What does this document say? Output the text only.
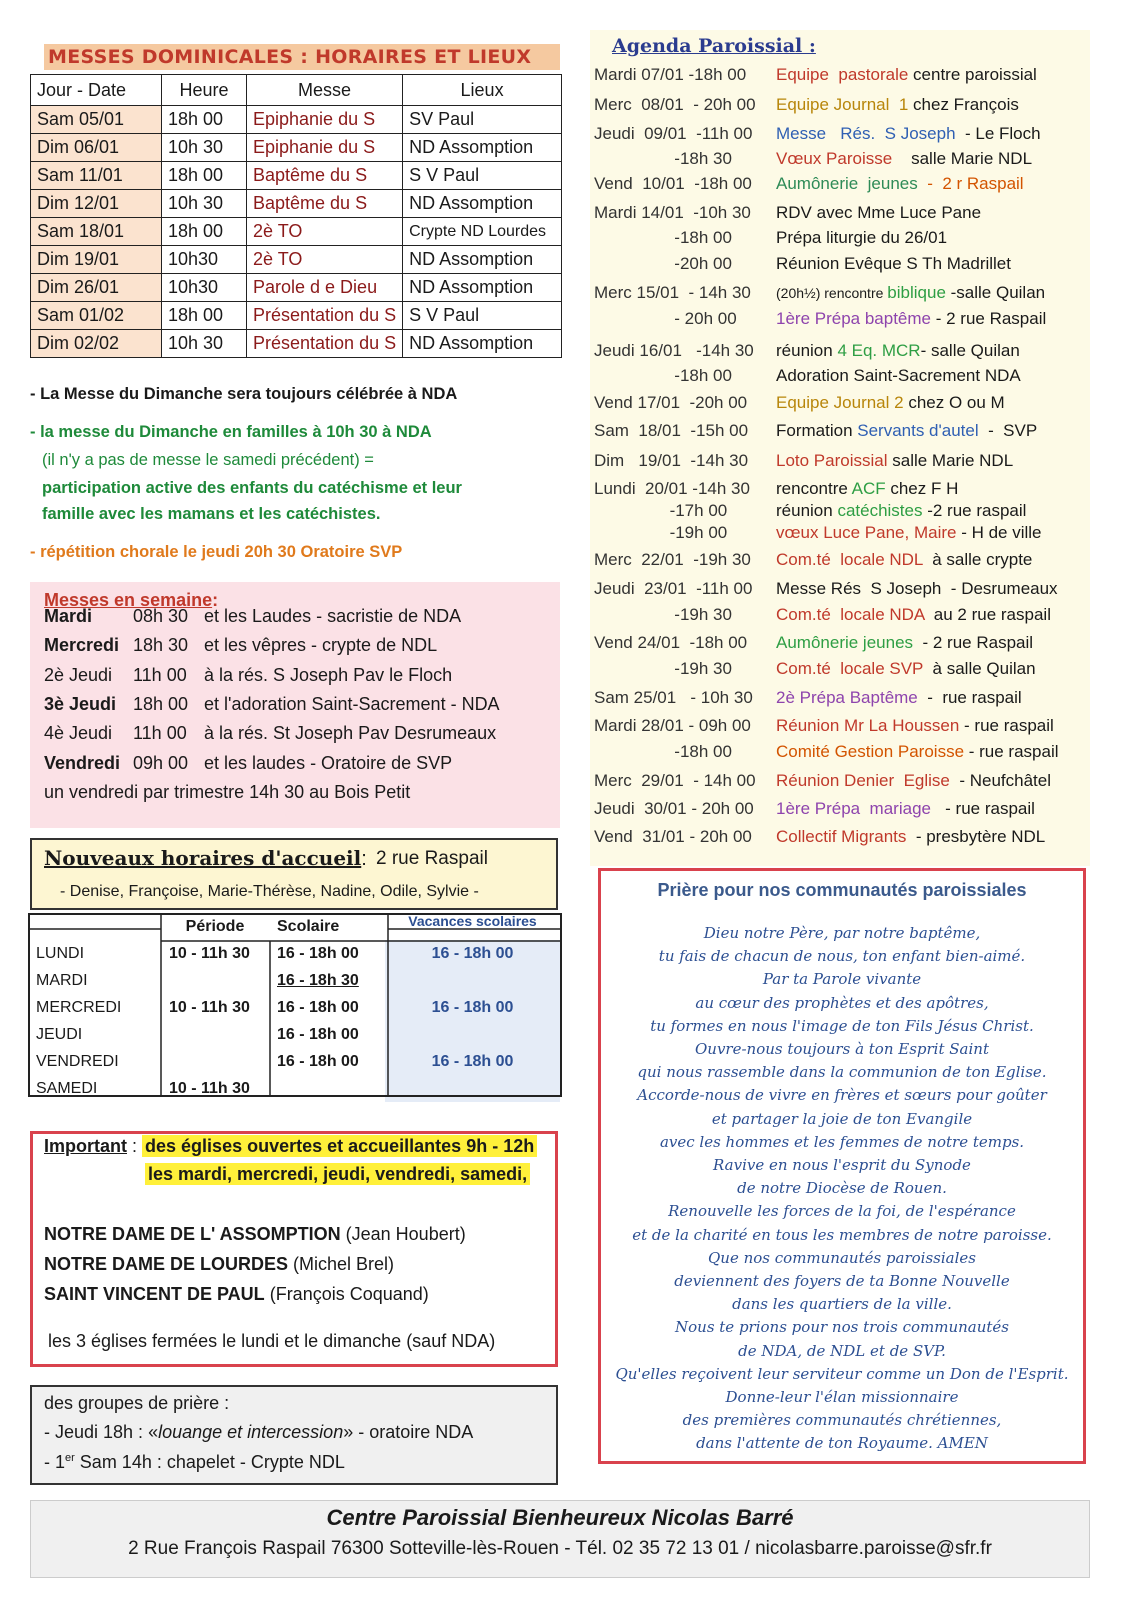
MESSES DOMINICALES : HORAIRES ET LIEUX
Jour - Date	Heure	Messe	Lieux
Sam 05/01	18h 00	Epiphanie du S	SV Paul
Dim 06/01	10h 30	Epiphanie du S	ND Assomption
Sam 11/01	18h 00	Baptême du S	S V Paul
Dim 12/01	10h 30	Baptême du S	ND Assomption
Sam 18/01	18h 00	2è TO	Crypte ND Lourdes
Dim 19/01	10h30	2è TO	ND Assomption
Dim 26/01	10h30	Parole d e Dieu	ND Assomption
Sam 01/02	18h 00	Présentation du S	S V Paul
Dim 02/02	10h 30	Présentation du S	ND Assomption
- La Messe du Dimanche sera toujours célébrée à NDA
- la messe du Dimanche en familles à 10h 30 à NDA
(il n'y a pas de messe le samedi précédent) =
participation active des enfants du catéchisme et leur
famille avec les mamans et les catéchistes.
- répétition chorale le jeudi 20h 30 Oratoire SVP
Messes en semaine:
Mardi 08h 30 et les Laudes - sacristie de NDA
Mercredi 18h 30 et les vêpres - crypte de NDL
2è Jeudi 11h 00 à la rés. S Joseph Pav le Floch
3è Jeudi 18h 00 et l'adoration Saint-Sacrement - NDA
4è Jeudi 11h 00 à la rés. St Joseph Pav Desrumeaux
Vendredi 09h 00 et les laudes - Oratoire de SVP
un vendredi par trimestre 14h 30 au Bois Petit
Nouveaux horaires d'accueil: 2 rue Raspail
- Denise, Françoise, Marie-Thérèse, Nadine, Odile, Sylvie -
	Période	Scolaire	Vacances scolaires
LUNDI	10 - 11h 30	16 - 18h 00	16 - 18h 00
MARDI		16 - 18h 30	
MERCREDI	10 - 11h 30	16 - 18h 00	16 - 18h 00
JEUDI		16 - 18h 00	
VENDREDI		16 - 18h 00	16 - 18h 00
SAMEDI	10 - 11h 30		
Important : des églises ouvertes et accueillantes 9h - 12h
les mardi, mercredi, jeudi, vendredi, samedi,
NOTRE DAME DE L' ASSOMPTION (Jean Houbert)
NOTRE DAME DE LOURDES (Michel Brel)
SAINT VINCENT DE PAUL (François Coquand)
les 3 églises fermées le lundi et le dimanche (sauf NDA)
des groupes de prière :
- Jeudi 18h : «louange et intercession» - oratoire NDA
- 1er Sam 14h : chapelet - Crypte NDL
Agenda Paroissial :
Mardi 07/01 -18h 00 Equipe  pastorale centre paroissial
Merc  08/01  - 20h 00 Equipe Journal  1 chez François
Jeudi  09/01  -11h 00 Messe   Rés.  S Joseph  - Le Floch
-18h 30	Vœux Paroisse    salle Marie NDL
Vend  10/01  -18h 00 Aumônerie  jeunes  -  2 r Raspail
Mardi 14/01  -10h 30 RDV avec Mme Luce Pane
-18h 00	Prépa liturgie du 26/01
-20h 00	Réunion Evêque S Th Madrillet
Merc 15/01  - 14h 30 (20h½) rencontre biblique -salle Quilan
- 20h 00 1ère Prépa baptême - 2 rue Raspail
Jeudi 16/01   -14h 30 réunion 4 Eq. MCR- salle Quilan
-18h 00	Adoration Saint-Sacrement NDA
Vend 17/01  -20h 00 Equipe Journal 2 chez O ou M
Sam  18/01  -15h 00 Formation Servants d'autel  -  SVP
Dim   19/01  -14h 30 Loto Paroissial salle Marie NDL
Lundi  20/01 -14h 30 rencontre ACF chez F H
-17h 00	réunion catéchistes -2 rue raspail
-19h 00	vœux Luce Pane, Maire - H de ville
Merc  22/01  -19h 30 Com.té  locale NDL  à salle crypte
Jeudi  23/01  -11h 00 Messe Rés  S Joseph  - Desrumeaux
-19h 30	Com.té  locale NDA  au 2 rue raspail
Vend 24/01  -18h 00 Aumônerie jeunes  - 2 rue Raspail
-19h 30	Com.té  locale SVP  à salle Quilan
Sam 25/01   - 10h 30 2è Prépa Baptême  -  rue raspail
Mardi 28/01 - 09h 00 Réunion Mr La Houssen - rue raspail
-18h 00	Comité Gestion Paroisse - rue raspail
Merc  29/01  - 14h 00 Réunion Denier  Eglise  - Neufchâtel
Jeudi  30/01 - 20h 00 1ère Prépa  mariage   - rue raspail
Vend  31/01 - 20h 00 Collectif Migrants  - presbytère NDL
Prière pour nos communautés paroissiales
Dieu notre Père, par notre baptême,
tu fais de chacun de nous, ton enfant bien-aimé.
Par ta Parole vivante
au cœur des prophètes et des apôtres,
tu formes en nous l'image de ton Fils Jésus Christ.
Ouvre-nous toujours à ton Esprit Saint
qui nous rassemble dans la communion de ton Eglise.
Accorde-nous de vivre en frères et sœurs pour goûter
et partager la joie de ton Evangile
avec les hommes et les femmes de notre temps.
Ravive en nous l'esprit du Synode
de notre Diocèse de Rouen.
Renouvelle les forces de la foi, de l'espérance
et de la charité en tous les membres de notre paroisse.
Que nos communautés paroissiales
deviennent des foyers de ta Bonne Nouvelle
dans les quartiers de la ville.
Nous te prions pour nos trois communautés
de NDA, de NDL et de SVP.
Qu'elles reçoivent leur serviteur comme un Don de l'Esprit.
Donne-leur l'élan missionnaire
des premières communautés chrétiennes,
dans l'attente de ton Royaume. AMEN
Centre Paroissial Bienheureux Nicolas Barré
2 Rue François Raspail 76300 Sotteville-lès-Rouen - Tél. 02 35 72 13 01 / nicolasbarre.paroisse@sfr.fr
